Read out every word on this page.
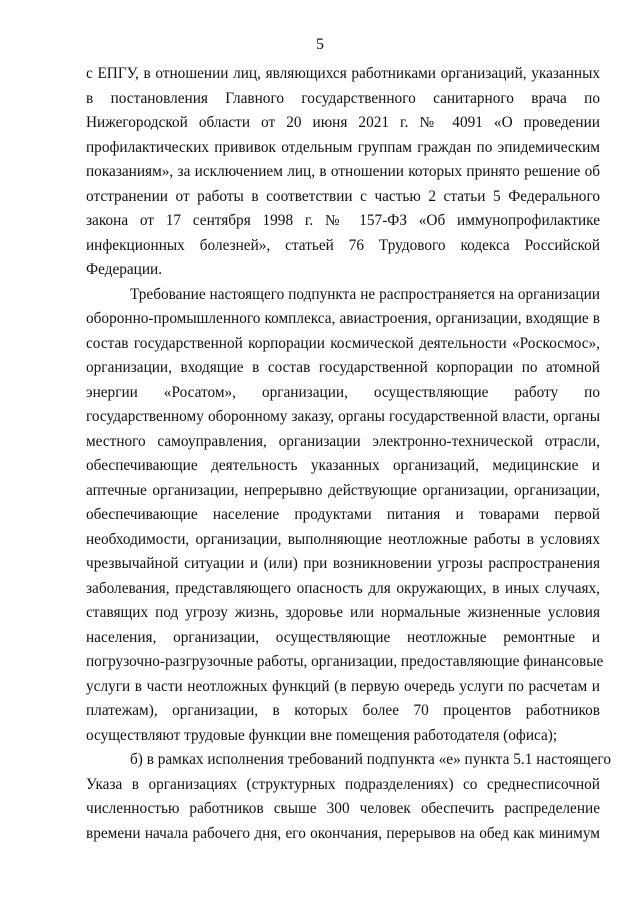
5
с ЕПГУ, в отношении лиц, являющихся работниками организаций, указанных
в постановления Главного государственного санитарного врача по
Нижегородской области от 20 июня 2021 г. № 4091 «О проведении
профилактических прививок отдельным группам граждан по эпидемическим
показаниям», за исключением лиц, в отношении которых принято решение об
отстранении от работы в соответствии с частью 2 статьи 5 Федерального
закона от 17 сентября 1998 г. № 157-ФЗ «Об иммунопрофилактике
инфекционных болезней», статьей 76 Трудового кодекса Российской
Федерации.
Требование настоящего подпункта не распространяется на организации
оборонно-промышленного комплекса, авиастроения, организации, входящие в
состав государственной корпорации космической деятельности «Роскосмос»,
организации, входящие в состав государственной корпорации по атомной
энергии «Росатом», организации, осуществляющие работу по
государственному оборонному заказу, органы государственной власти, органы
местного самоуправления, организации электронно-технической отрасли,
обеспечивающие деятельность указанных организаций, медицинские и
аптечные организации, непрерывно действующие организации, организации,
обеспечивающие население продуктами питания и товарами первой
необходимости, организации, выполняющие неотложные работы в условиях
чрезвычайной ситуации и (или) при возникновении угрозы распространения
заболевания, представляющего опасность для окружающих, в иных случаях,
ставящих под угрозу жизнь, здоровье или нормальные жизненные условия
населения, организации, осуществляющие неотложные ремонтные и
погрузочно-разгрузочные работы, организации, предоставляющие финансовые
услуги в части неотложных функций (в первую очередь услуги по расчетам и
платежам), организации, в которых более 70 процентов работников
осуществляют трудовые функции вне помещения работодателя (офиса);
б) в рамках исполнения требований подпункта «е» пункта 5.1 настоящего
Указа в организациях (структурных подразделениях) со среднесписочной
численностью работников свыше 300 человек обеспечить распределение
времени начала рабочего дня, его окончания, перерывов на обед как минимум
